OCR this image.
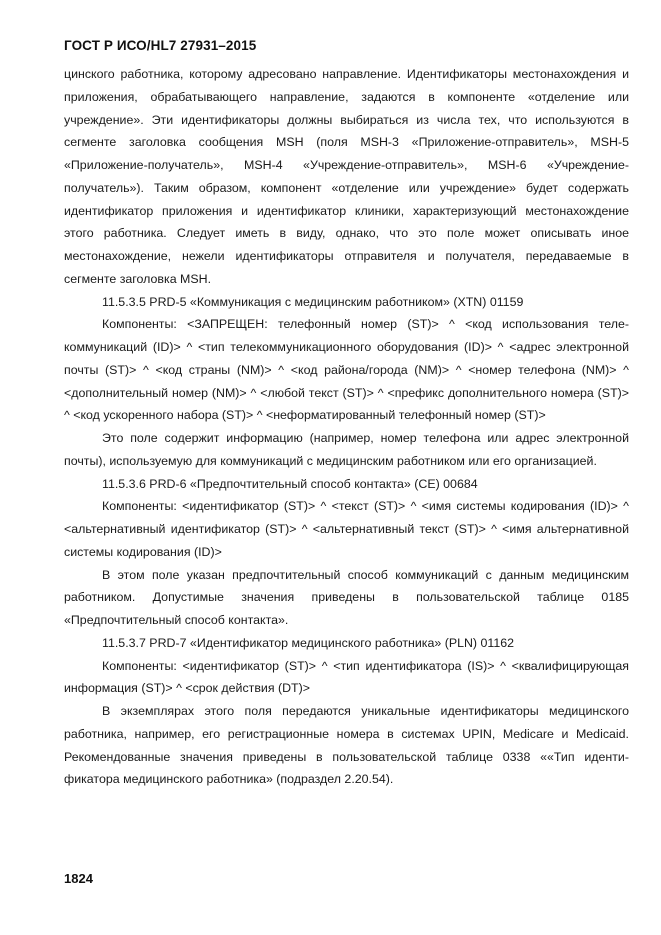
ГОСТ Р ИСО/HL7 27931–2015

цинского работника, которому адресовано направление. Идентификаторы местонахождения и приложения, обрабатывающего направление, задаются в компоненте «отделение или учреждение». Эти идентификаторы должны выбираться из числа тех, что используются в сегменте заголовка сообщения MSH (поля MSH-3 «Приложение-отправитель», MSH-5 «Приложение-получатель», MSH-4 «Учреждение-отправитель», MSH-6 «Учреждение-получатель»). Таким образом, компонент «отделение или учреждение» будет содержать идентификатор приложения и идентификатор клиники, характеризующий местонахождение этого работника. Следует иметь в виду, однако, что это поле может описывать иное местонахождение, нежели идентификаторы отправителя и получателя, передаваемые в сегменте заголовка MSH.

11.5.3.5 PRD-5 «Коммуникация с медицинским работником» (XTN) 01159

Компоненты: <ЗАПРЕЩЕН: телефонный номер (ST)> ^ <код использования телекоммуникаций (ID)> ^ <тип телекоммуникационного оборудования (ID)> ^ <адрес электронной почты (ST)> ^ <код страны (NM)> ^ <код района/города (NM)> ^ <номер телефона (NM)> ^ <дополнительный номер (NM)> ^ <любой текст (ST)> ^ <префикс дополнительного номера (ST)> ^ <код ускоренного набора (ST)> ^ <неформатированный телефонный номер (ST)>

Это поле содержит информацию (например, номер телефона или адрес электронной почты), используемую для коммуникаций с медицинским работником или его организацией.

11.5.3.6 PRD-6 «Предпочтительный способ контакта» (CE) 00684

Компоненты: <идентификатор (ST)> ^ <текст (ST)> ^ <имя системы кодирования (ID)> ^ <альтернативный идентификатор (ST)> ^ <альтернативный текст (ST)> ^ <имя альтернативной системы кодирования (ID)>

В этом поле указан предпочтительный способ коммуникаций с данным медицинским работником. Допустимые значения приведены в пользовательской таблице 0185 «Предпочтительный способ контакта».

11.5.3.7 PRD-7 «Идентификатор медицинского работника» (PLN) 01162

Компоненты: <идентификатор (ST)> ^ <тип идентификатора (IS)> ^ <квалифицирующая информация (ST)> ^ <срок действия (DT)>

В экземплярах этого поля передаются уникальные идентификаторы медицинского работника, например, его регистрационные номера в системах UPIN, Medicare и Medicaid. Рекомендованные значения приведены в пользовательской таблице 0338 ««Тип идентификатора медицинского работника» (подраздел 2.20.54).

1824
